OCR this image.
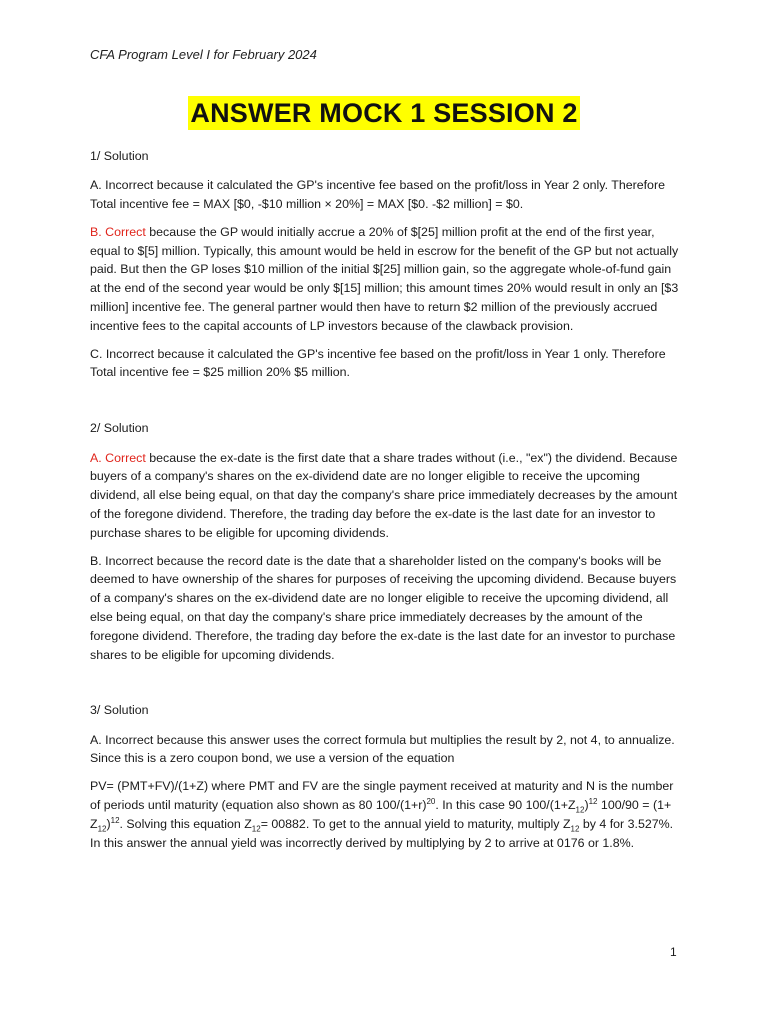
CFA Program Level I for February 2024
ANSWER MOCK 1 SESSION 2

1/ Solution

A. Incorrect because it calculated the GP's incentive fee based on the profit/loss in Year 2 only. Therefore Total incentive fee = MAX [$0, -$10 million × 20%] = MAX [$0. -$2 million] = $0.

B. Correct because the GP would initially accrue a 20% of $[25] million profit at the end of the first year, equal to $[5] million. Typically, this amount would be held in escrow for the benefit of the GP but not actually paid. But then the GP loses $10 million of the initial $[25] million gain, so the aggregate whole-of-fund gain at the end of the second year would be only $[15] million; this amount times 20% would result in only an [$3 million] incentive fee. The general partner would then have to return $2 million of the previously accrued incentive fees to the capital accounts of LP investors because of the clawback provision.

C. Incorrect because it calculated the GP's incentive fee based on the profit/loss in Year 1 only. Therefore Total incentive fee = $25 million 20% $5 million.

2/ Solution

A. Correct because the ex-date is the first date that a share trades without (i.e., "ex") the dividend. Because buyers of a company's shares on the ex-dividend date are no longer eligible to receive the upcoming dividend, all else being equal, on that day the company's share price immediately decreases by the amount of the foregone dividend. Therefore, the trading day before the ex-date is the last date for an investor to purchase shares to be eligible for upcoming dividends.

B. Incorrect because the record date is the date that a shareholder listed on the company's books will be deemed to have ownership of the shares for purposes of receiving the upcoming dividend. Because buyers of a company's shares on the ex-dividend date are no longer eligible to receive the upcoming dividend, all else being equal, on that day the company's share price immediately decreases by the amount of the foregone dividend. Therefore, the trading day before the ex-date is the last date for an investor to purchase shares to be eligible for upcoming dividends.

3/ Solution

A. Incorrect because this answer uses the correct formula but multiplies the result by 2, not 4, to annualize. Since this is a zero coupon bond, we use a version of the equation

PV= (PMT+FV)/(1+Z) where PMT and FV are the single payment received at maturity and N is the number of periods until maturity (equation also shown as 80 $100/(1+r)^{20}$. In this case 90 $100/(1+Z_{12})^{12}$ $100/90 = (1+ Z_{12})^{12}$. Solving this equation $Z_{12}= 00882$. To get to the annual yield to maturity, multiply $Z_{12}$ by 4 for 3.527%. In this answer the annual yield was incorrectly derived by multiplying by 2 to arrive at 0176 or 1.8%.

1
